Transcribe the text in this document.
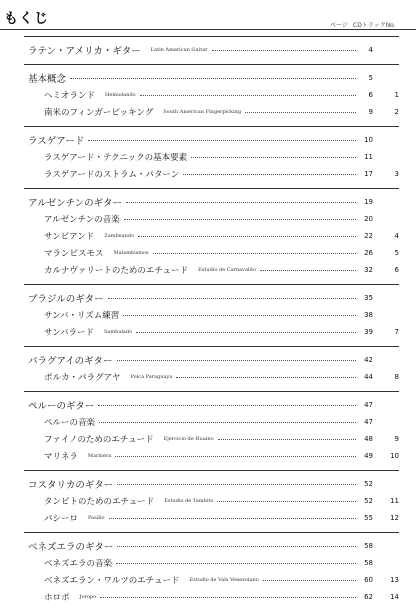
もくじ	ページ CDトラックNo.
ラテン・アメリカ・ギター Latin American Guitar	4
基本概念	5
ヘミオランド Hemiolando	6	1
南米のフィンガーピッキング South American Fingerpicking	9	2
ラスゲアード	10
ラスゲアード・テクニックの基本要素	11
ラスゲアードのストラム・パターン	17	3
アルゼンチンのギター	19
アルゼンチンの音楽	20
サンビアンド Zambeando	22	4
マランビスモス Malambismos	26	5
カルナヴァリートのためのエチュード Estudio de Carnavalito	32	6
ブラジルのギター	35
サンバ・リズム練習	38
サンバラード Sambalado	39	7
パラグアイのギター	42
ポルカ・パラグアヤ Polca Paraguaya	44	8
ペルーのギター	47
ペルーの音楽	47
ファイノのためのエチュード Ejercicio de Huaino	48	9
マリネラ Marinera	49	10
コスタリカのギター	52
タンビトのためのエチュード Estudio de Tambito	52	11
パシーロ Pasillo	55	12
ベネズエラのギター	58
ベネズエラの音楽	58
ベネズエラン・ワルツのエチュード Estudio de Vals Venezolano	60	13
ホロポ Joropo	62	14
